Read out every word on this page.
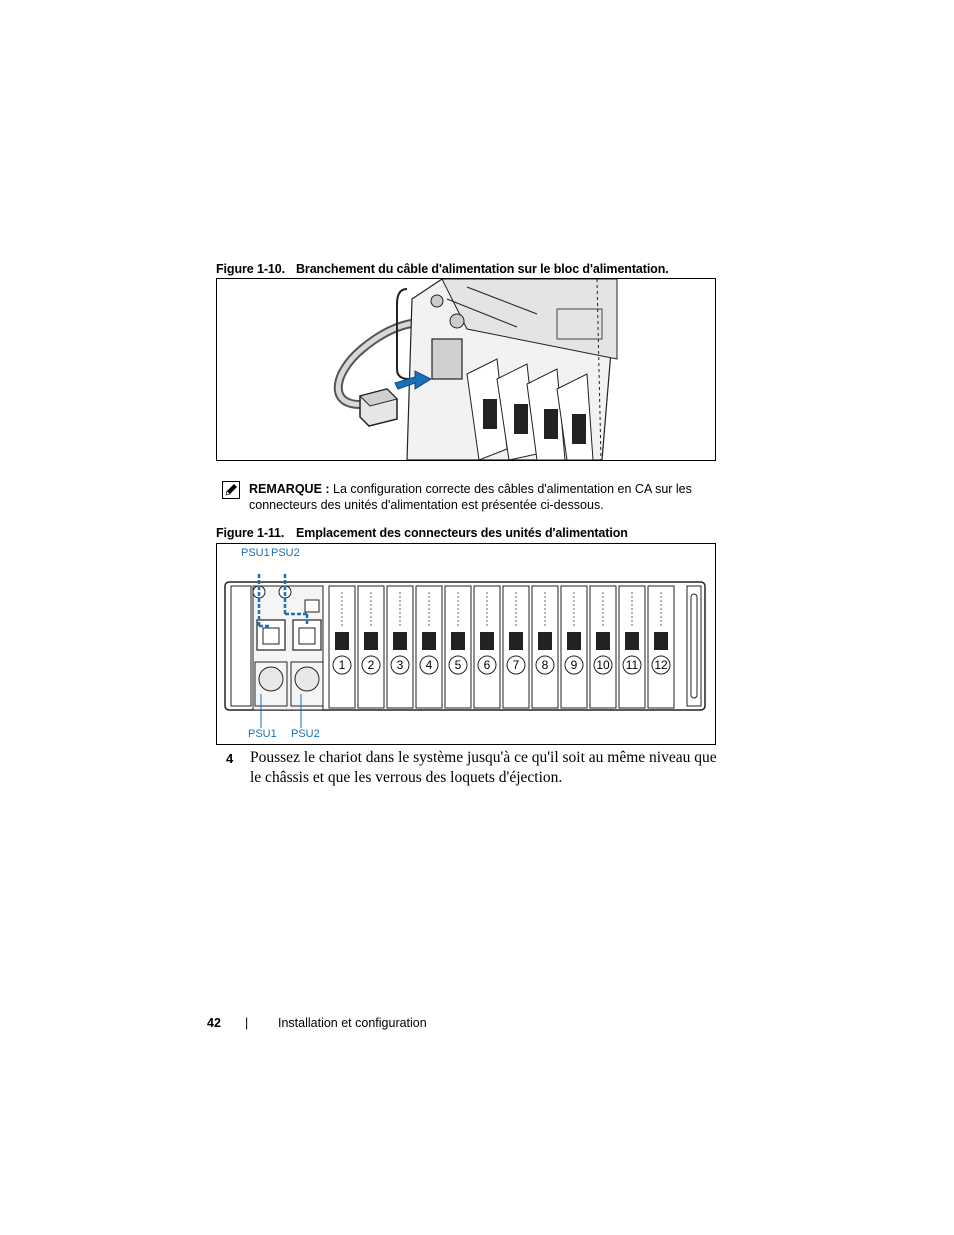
Figure 1-10. Branchement du câble d'alimentation sur le bloc d'alimentation.
REMARQUE : La configuration correcte des câbles d'alimentation en CA sur les connecteurs des unités d'alimentation est présentée ci-dessous.
Figure 1-11. Emplacement des connecteurs des unités d'alimentation
1 2 3 4 5 6 7 8 9 10 11 12
PSU1 PSU2
PSU1 PSU2
4 Poussez le chariot dans le système jusqu'à ce qu'il soit au même niveau que le châssis et que les verrous des loquets d'éjection.
42 | Installation et configuration
